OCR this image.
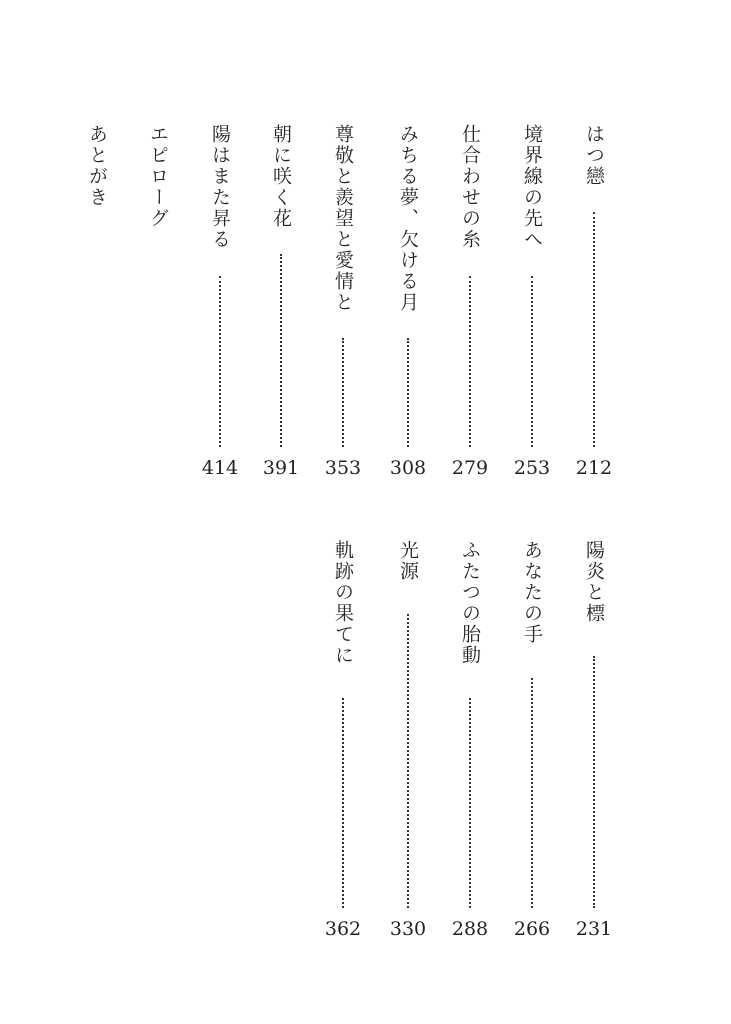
はつ戀
212
境界線の先へ
253
仕合わせの糸
279
みちる夢、欠ける月
308
尊敬と羨望と愛情と
353
朝に咲く花
391
陽はまた昇る
414
エピローグ
あとがき
陽炎と標
231
あなたの手
266
ふたつの胎動
288
光源
330
軌跡の果てに
362
